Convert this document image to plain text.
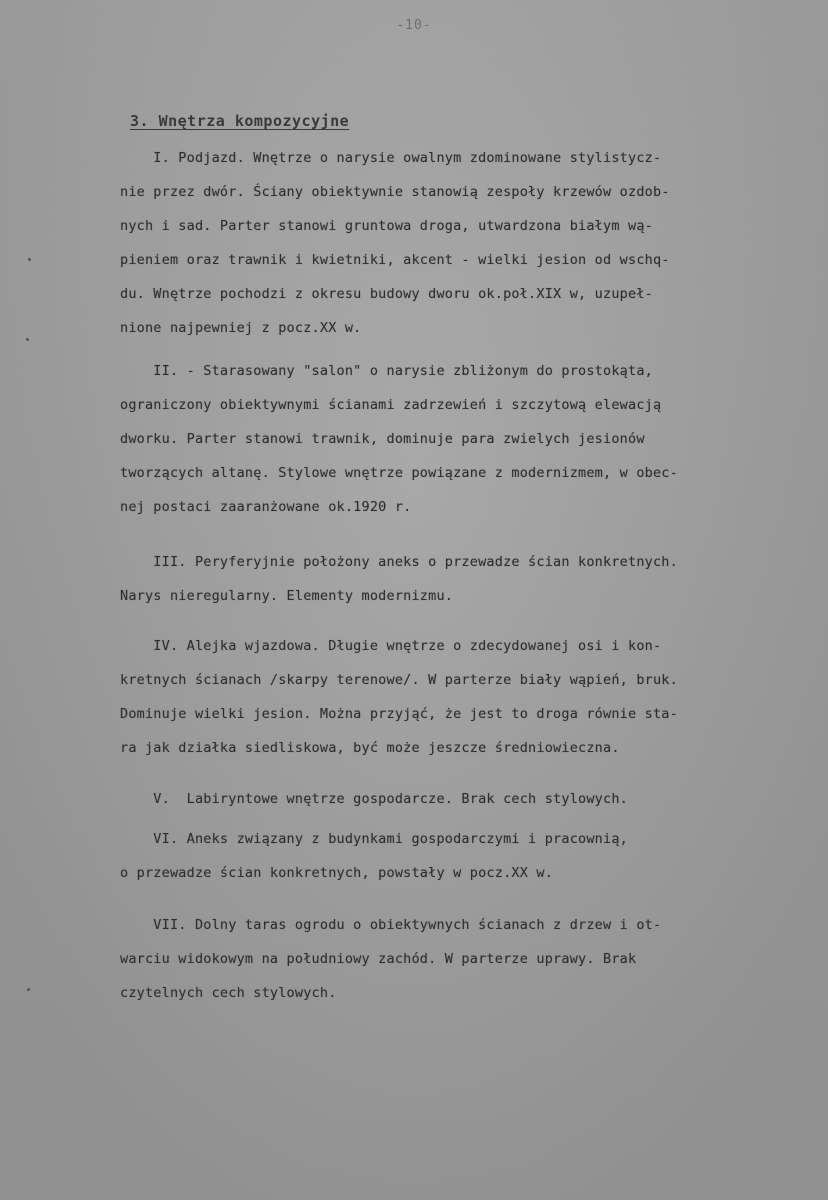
-10-
3. Wnętrza kompozycyjne
I. Podjazd. Wnętrze o narysie owalnym zdominowane stylistycz-
nie przez dwór. Ściany obiektywnie stanowią zespoły krzewów ozdob-
nych i sad. Parter stanowi gruntowa droga, utwardzona białym wą-
pieniem oraz trawnik i kwietniki, akcent - wielki jesion od wschq-
du. Wnętrze pochodzi z okresu budowy dworu ok.poł.XIX w, uzupeł-
nione najpewniej z pocz.XX w.
II. - Starasowany "salon" o narysie zbliżonym do prostokąta,
ograniczony obiektywnymi ścianami zadrzewień i szczytową elewacją
dworku. Parter stanowi trawnik, dominuje para zwielych jesionów
tworzących altanę. Stylowe wnętrze powiązane z modernizmem, w obec-
nej postaci zaaranżowane ok.1920 r.
III. Peryferyjnie położony aneks o przewadze ścian konkretnych.
Narys nieregularny. Elementy modernizmu.
IV. Alejka wjazdowa. Długie wnętrze o zdecydowanej osi i kon-
kretnych ścianach /skarpy terenowe/. W parterze biały wąpień, bruk.
Dominuje wielki jesion. Można przyjąć, że jest to droga równie sta-
ra jak działka siedliskowa, być może jeszcze średniowieczna.
V.  Labiryntowe wnętrze gospodarcze. Brak cech stylowych.
VI. Aneks związany z budynkami gospodarczymi i pracownią,
o przewadze ścian konkretnych, powstały w pocz.XX w.
VII. Dolny taras ogrodu o obiektywnych ścianach z drzew i ot-
warciu widokowym na południowy zachód. W parterze uprawy. Brak
czytelnych cech stylowych.
